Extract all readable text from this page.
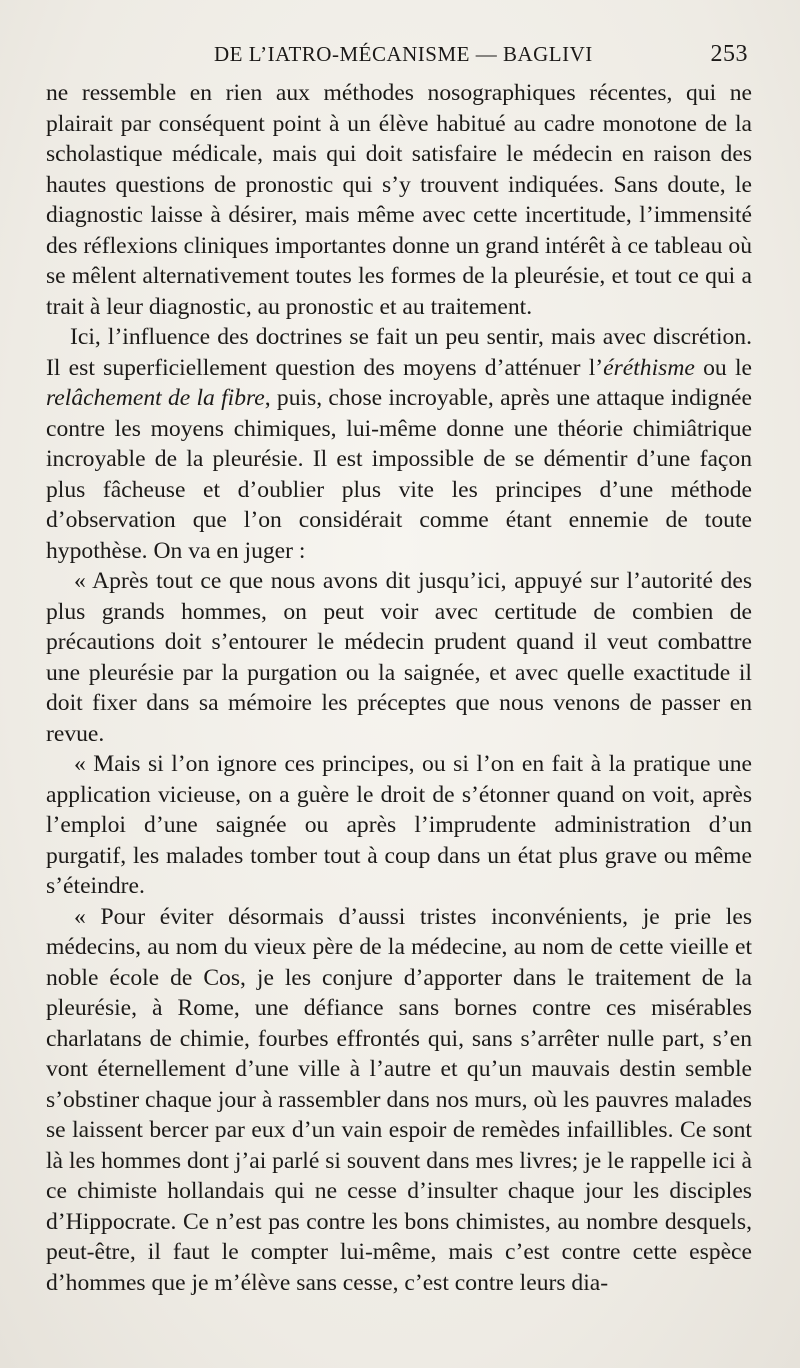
DE L’IATRO-MÉCANISME — BAGLIVI	253

ne ressemble en rien aux méthodes nosographiques récentes, qui ne plairait par conséquent point à un élève habitué au cadre monotone de la scholastique médicale, mais qui doit satisfaire le médecin en raison des hautes questions de pronostic qui s’y trouvent indiquées. Sans doute, le diagnostic laisse à désirer, mais même avec cette incertitude, l’immensité des réflexions cliniques importantes donne un grand intérêt à ce tableau où se mêlent alternativement toutes les formes de la pleurésie, et tout ce qui a trait à leur diagnostic, au pronostic et au traitement.

Ici, l’influence des doctrines se fait un peu sentir, mais avec discrétion. Il est superficiellement question des moyens d’atténuer l’éréthisme ou le relâchement de la fibre, puis, chose incroyable, après une attaque indignée contre les moyens chimiques, lui-même donne une théorie chimiâtrique incroyable de la pleurésie. Il est impossible de se démentir d’une façon plus fâcheuse et d’oublier plus vite les principes d’une méthode d’observation que l’on considérait comme étant ennemie de toute hypothèse. On va en juger :

« Après tout ce que nous avons dit jusqu’ici, appuyé sur l’autorité des plus grands hommes, on peut voir avec certitude de combien de précautions doit s’entourer le médecin prudent quand il veut combattre une pleurésie par la purgation ou la saignée, et avec quelle exactitude il doit fixer dans sa mémoire les préceptes que nous venons de passer en revue.

« Mais si l’on ignore ces principes, ou si l’on en fait à la pratique une application vicieuse, on a guère le droit de s’étonner quand on voit, après l’emploi d’une saignée ou après l’imprudente administration d’un purgatif, les malades tomber tout à coup dans un état plus grave ou même s’éteindre.

« Pour éviter désormais d’aussi tristes inconvénients, je prie les médecins, au nom du vieux père de la médecine, au nom de cette vieille et noble école de Cos, je les conjure d’apporter dans le traitement de la pleurésie, à Rome, une défiance sans bornes contre ces misérables charlatans de chimie, fourbes effrontés qui, sans s’arrêter nulle part, s’en vont éternellement d’une ville à l’autre et qu’un mauvais destin semble s’obstiner chaque jour à rassembler dans nos murs, où les pauvres malades se laissent bercer par eux d’un vain espoir de remèdes infaillibles. Ce sont là les hommes dont j’ai parlé si souvent dans mes livres; je le rappelle ici à ce chimiste hollandais qui ne cesse d’insulter chaque jour les disciples d’Hippocrate. Ce n’est pas contre les bons chimistes, au nombre desquels, peut-être, il faut le compter lui-même, mais c’est contre cette espèce d’hommes que je m’élève sans cesse, c’est contre leurs dia-
